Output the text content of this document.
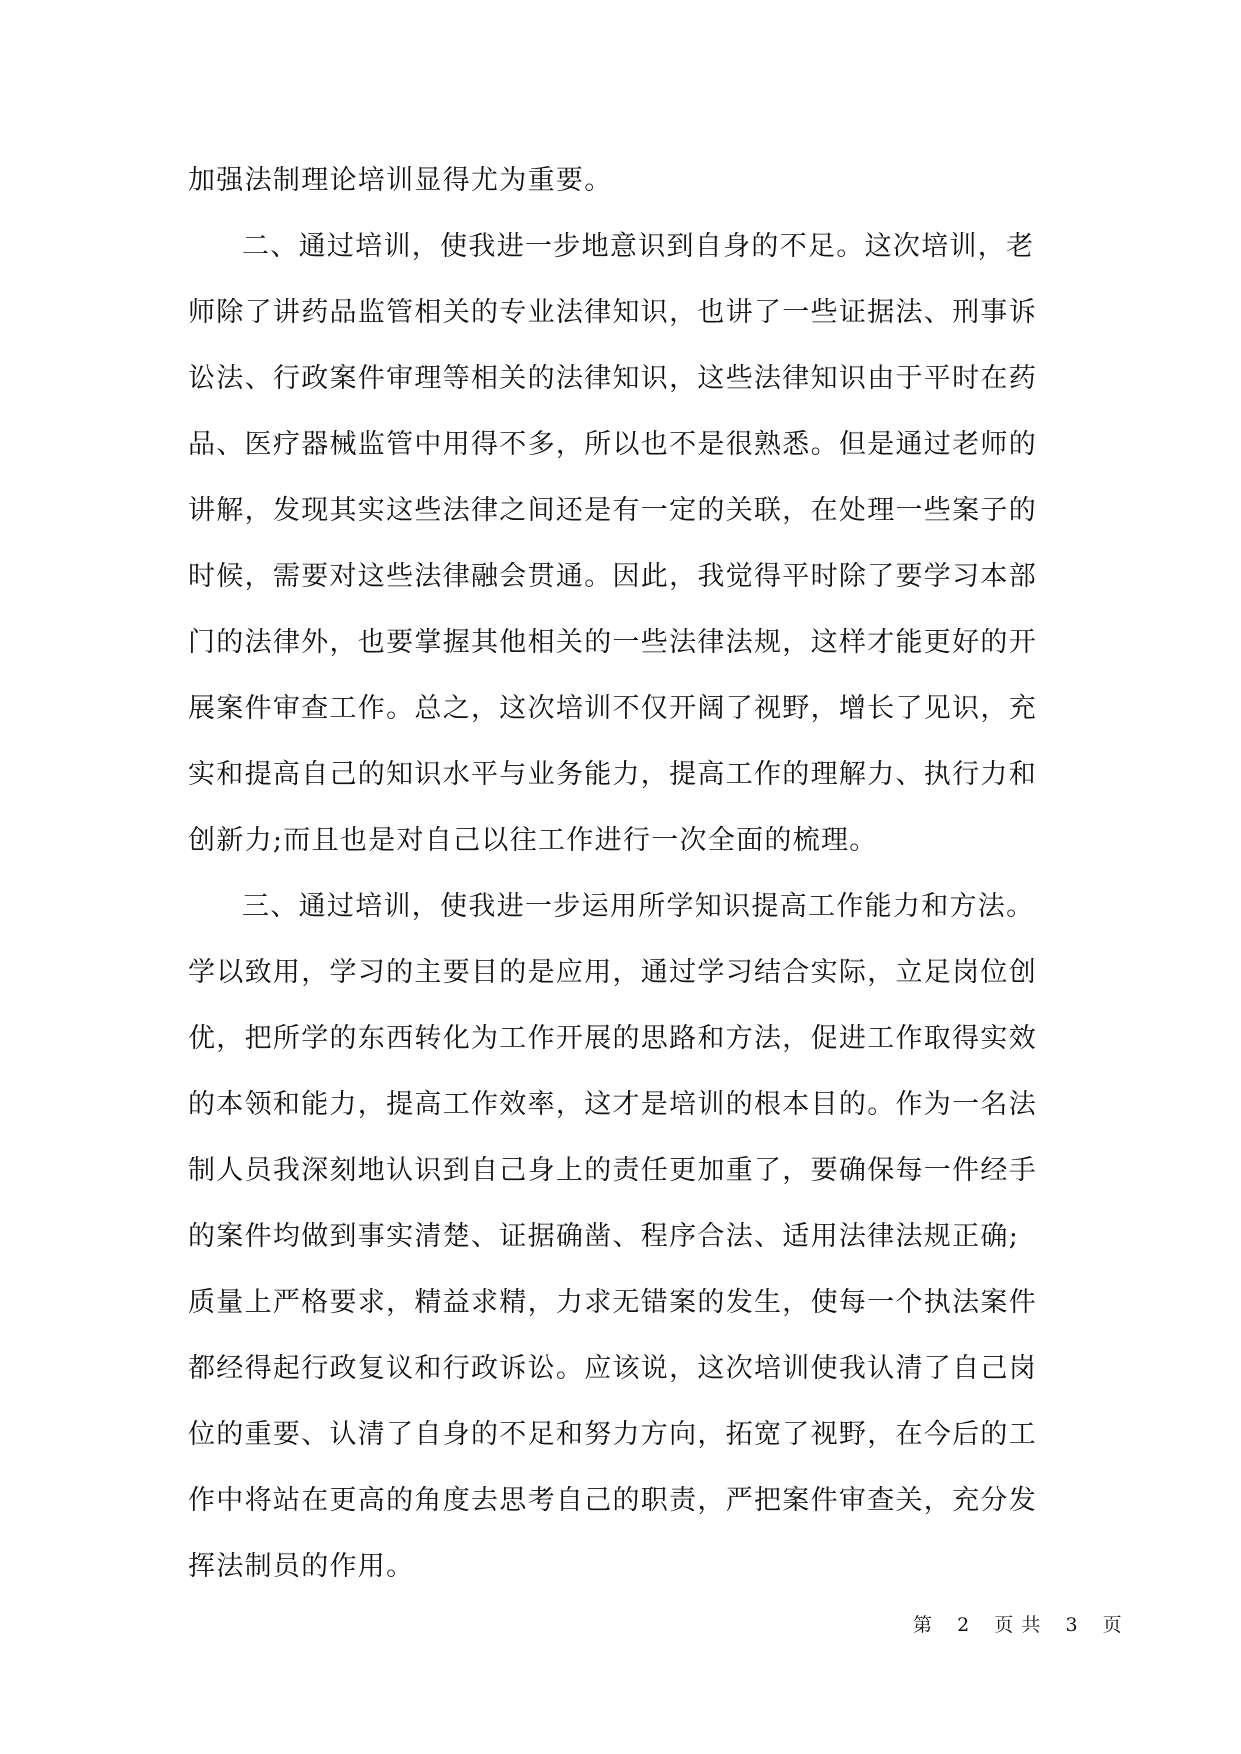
加强法制理论培训显得尤为重要。
二、通过培训，使我进一步地意识到自身的不足。这次培训，老
师除了讲药品监管相关的专业法律知识，也讲了一些证据法、刑事诉
讼法、行政案件审理等相关的法律知识，这些法律知识由于平时在药
品、医疗器械监管中用得不多，所以也不是很熟悉。但是通过老师的
讲解，发现其实这些法律之间还是有一定的关联，在处理一些案子的
时候，需要对这些法律融会贯通。因此，我觉得平时除了要学习本部
门的法律外，也要掌握其他相关的一些法律法规，这样才能更好的开
展案件审查工作。总之，这次培训不仅开阔了视野，增长了见识，充
实和提高自己的知识水平与业务能力，提高工作的理解力、执行力和
创新力;而且也是对自己以往工作进行一次全面的梳理。
三、通过培训，使我进一步运用所学知识提高工作能力和方法。
学以致用，学习的主要目的是应用，通过学习结合实际，立足岗位创
优，把所学的东西转化为工作开展的思路和方法，促进工作取得实效
的本领和能力，提高工作效率，这才是培训的根本目的。作为一名法
制人员我深刻地认识到自己身上的责任更加重了，要确保每一件经手
的案件均做到事实清楚、证据确凿、程序合法、适用法律法规正确;
质量上严格要求，精益求精，力求无错案的发生，使每一个执法案件
都经得起行政复议和行政诉讼。应该说，这次培训使我认清了自己岗
位的重要、认清了自身的不足和努力方向，拓宽了视野，在今后的工
作中将站在更高的角度去思考自己的职责，严把案件审查关，充分发
挥法制员的作用。
第 2 页 共 3 页
